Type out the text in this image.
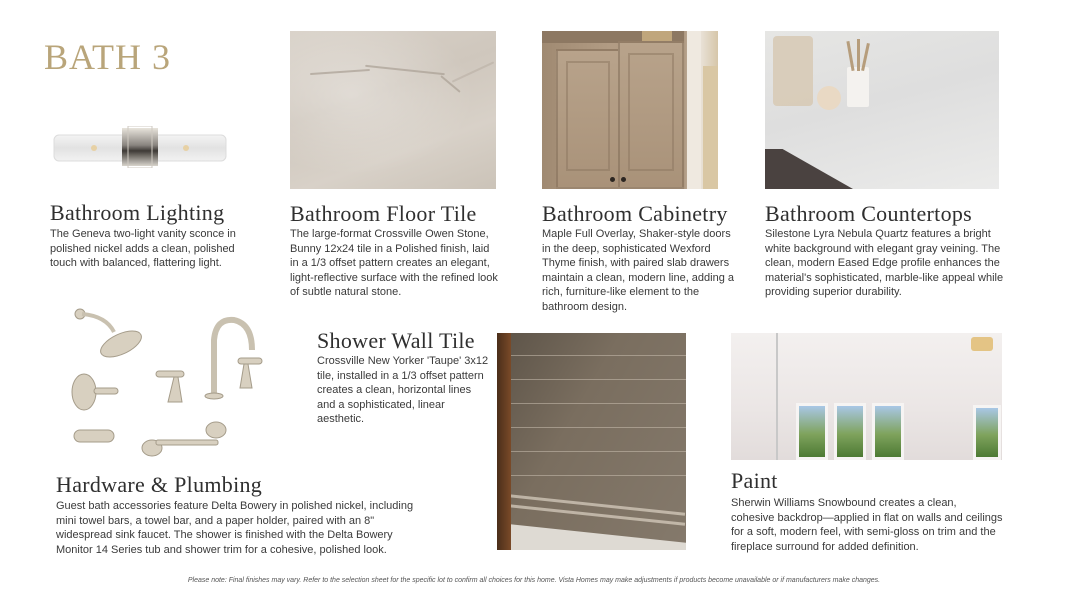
BATH 3
Bathroom Lighting

The Geneva two-light vanity sconce in polished nickel adds a clean, polished touch with balanced, flattering light.

Bathroom Floor Tile

The large-format Crossville Owen Stone, Bunny 12x24 tile in a Polished finish, laid in a 1/3 offset pattern creates an elegant, light-reflective surface with the refined look of subtle natural stone.

Bathroom Cabinetry

Maple Full Overlay, Shaker-style doors in the deep, sophisticated Wexford Thyme finish, with paired slab drawers maintain a clean, modern line, adding a rich, furniture-like element to the bathroom design.

Bathroom Countertops

Silestone Lyra Nebula Quartz features a bright white background with elegant gray veining. The clean, modern Eased Edge profile enhances the material's sophisticated, marble-like appeal while providing superior durability.

Hardware & Plumbing

Guest bath accessories feature Delta Bowery in polished nickel, including mini towel bars, a towel bar, and a paper holder, paired with an 8" widespread sink faucet. The shower is finished with the Delta Bowery Monitor 14 Series tub and shower trim for a cohesive, polished look.

Shower Wall Tile

Crossville New Yorker 'Taupe' 3x12 tile, installed in a 1/3 offset pattern creates a clean, horizontal lines and a sophisticated, linear aesthetic.

Paint

Sherwin Williams Snowbound creates a clean, cohesive backdrop—applied in flat on walls and ceilings for a soft, modern feel, with semi-gloss on trim and the fireplace surround for added definition.

Please note: Final finishes may vary. Refer to the selection sheet for the specific lot to confirm all choices for this home. Vista Homes may make adjustments if products become unavailable or if manufacturers make changes.
